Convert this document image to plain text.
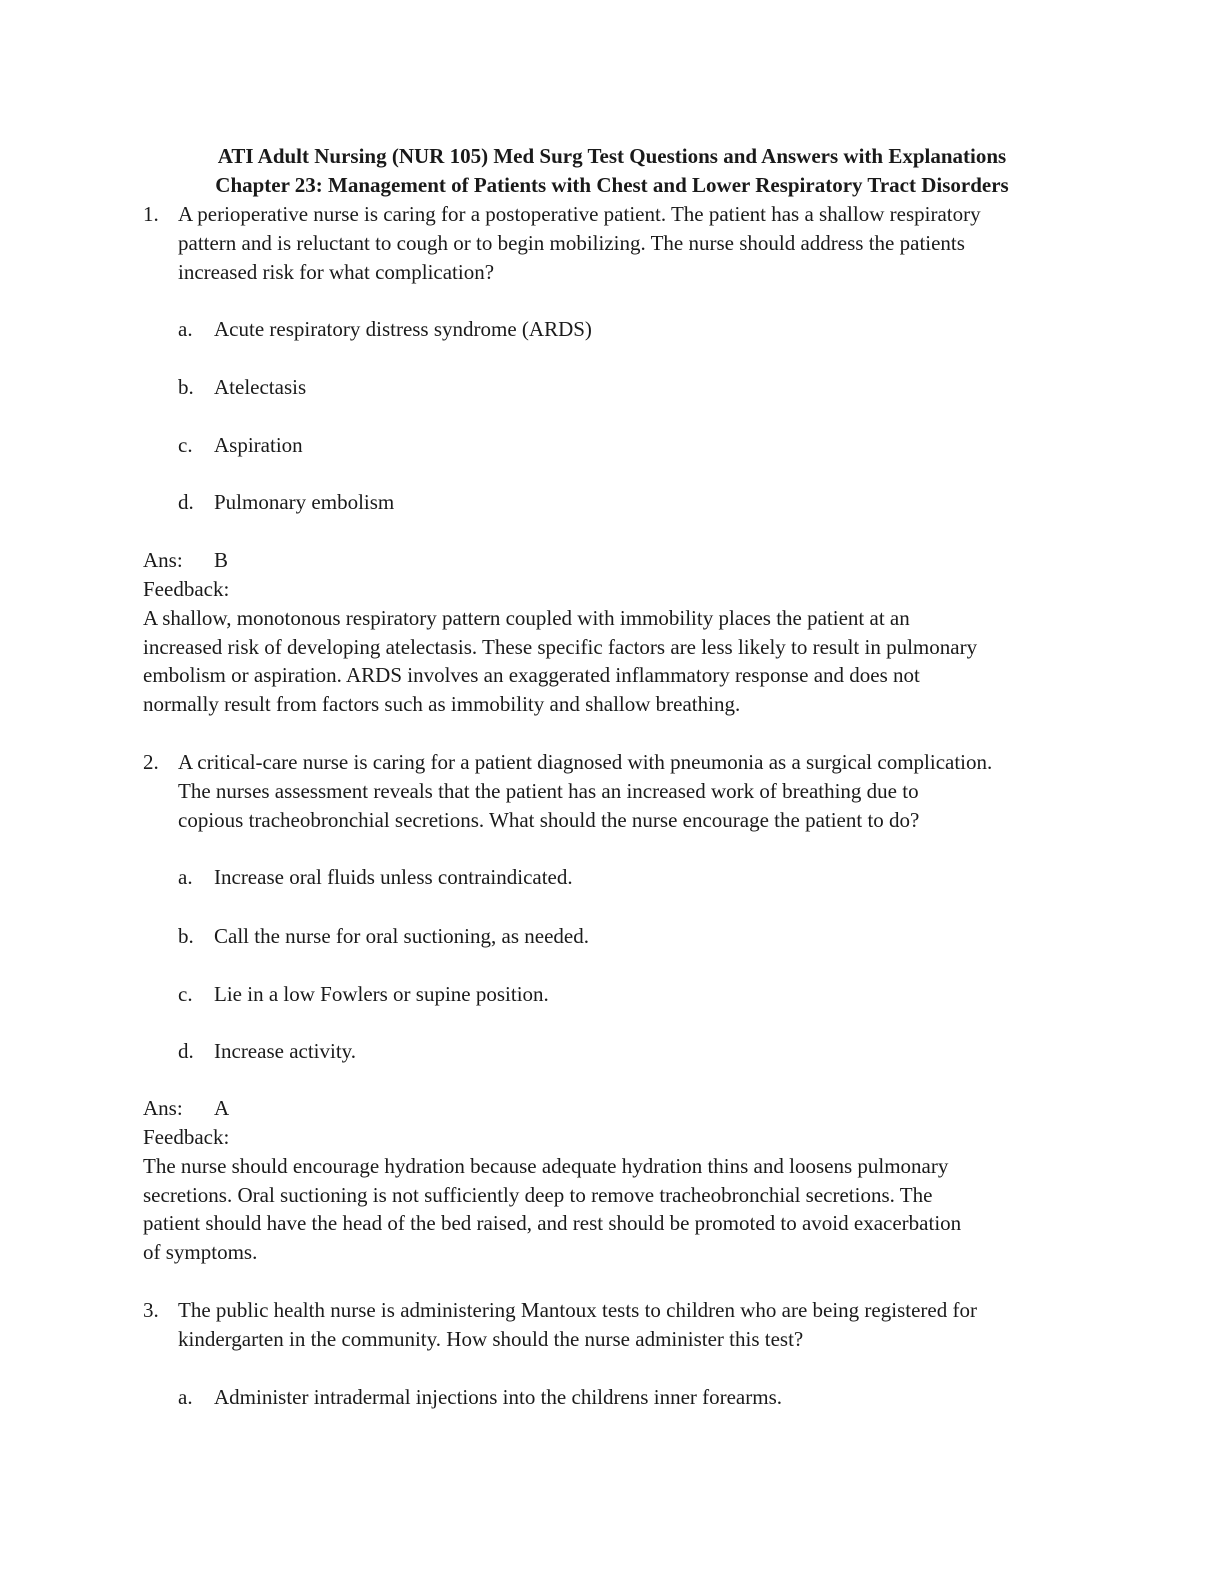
ATI Adult Nursing (NUR 105) Med Surg Test Questions and Answers with Explanations
Chapter 23: Management of Patients with Chest and Lower Respiratory Tract Disorders
1. A perioperative nurse is caring for a postoperative patient. The patient has a shallow respiratory
pattern and is reluctant to cough or to begin mobilizing. The nurse should address the patients
increased risk for what complication?
a. Acute respiratory distress syndrome (ARDS)
b. Atelectasis
c. Aspiration
d. Pulmonary embolism
Ans: B
Feedback:
A shallow, monotonous respiratory pattern coupled with immobility places the patient at an
increased risk of developing atelectasis. These specific factors are less likely to result in pulmonary
embolism or aspiration. ARDS involves an exaggerated inflammatory response and does not
normally result from factors such as immobility and shallow breathing.
2. A critical-care nurse is caring for a patient diagnosed with pneumonia as a surgical complication.
The nurses assessment reveals that the patient has an increased work of breathing due to
copious tracheobronchial secretions. What should the nurse encourage the patient to do?
a. Increase oral fluids unless contraindicated.
b. Call the nurse for oral suctioning, as needed.
c. Lie in a low Fowlers or supine position.
d. Increase activity.
Ans: A
Feedback:
The nurse should encourage hydration because adequate hydration thins and loosens pulmonary
secretions. Oral suctioning is not sufficiently deep to remove tracheobronchial secretions. The
patient should have the head of the bed raised, and rest should be promoted to avoid exacerbation
of symptoms.
3. The public health nurse is administering Mantoux tests to children who are being registered for
kindergarten in the community. How should the nurse administer this test?
a. Administer intradermal injections into the childrens inner forearms.
